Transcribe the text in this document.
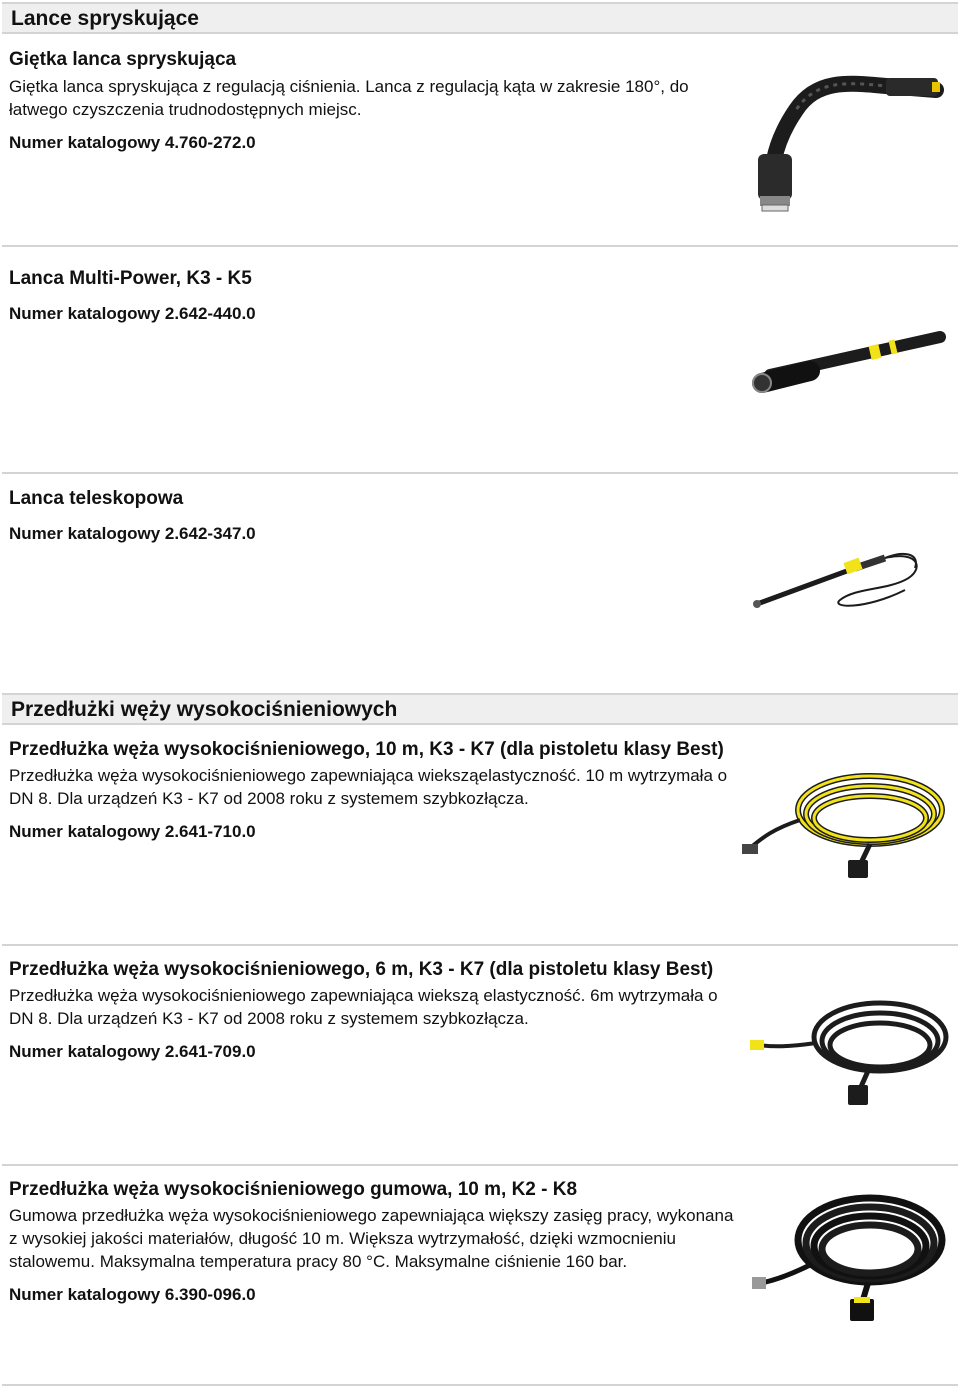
Lance spryskujące

Giętka lanca spryskująca

Giętka lanca spryskująca z regulacją ciśnienia. Lanca z regulacją kąta w zakresie 180°, do łatwego czyszczenia trudnodostępnych miejsc.

Numer katalogowy 4.760-272.0

Lanca Multi-Power, K3 - K5

Numer katalogowy 2.642-440.0

Lanca teleskopowa

Numer katalogowy 2.642-347.0

Przedłużki węży wysokociśnieniowych

Przedłużka węża wysokociśnieniowego, 10 m, K3 - K7 (dla pistoletu klasy Best)

Przedłużka węża wysokociśnieniowego zapewniająca wieksząelastyczność. 10 m wytrzymała o DN 8. Dla urządzeń K3 - K7 od 2008 roku z systemem szybkozłącza.

Numer katalogowy 2.641-710.0

Przedłużka węża wysokociśnieniowego, 6 m, K3 - K7 (dla pistoletu klasy Best)

Przedłużka węża wysokociśnieniowego zapewniająca wiekszą elastyczność. 6m wytrzymała o DN 8. Dla urządzeń K3 - K7 od 2008 roku z systemem szybkozłącza.

Numer katalogowy 2.641-709.0

Przedłużka węża wysokociśnieniowego gumowa, 10 m, K2 - K8

Gumowa przedłużka węża wysokociśnieniowego zapewniająca większy zasięg pracy, wykonana z wysokiej jakości materiałów, długość 10 m. Większa wytrzymałość, dzięki wzmocnieniu stalowemu. Maksymalna temperatura pracy 80 °C. Maksymalne ciśnienie 160 bar.

Numer katalogowy 6.390-096.0
